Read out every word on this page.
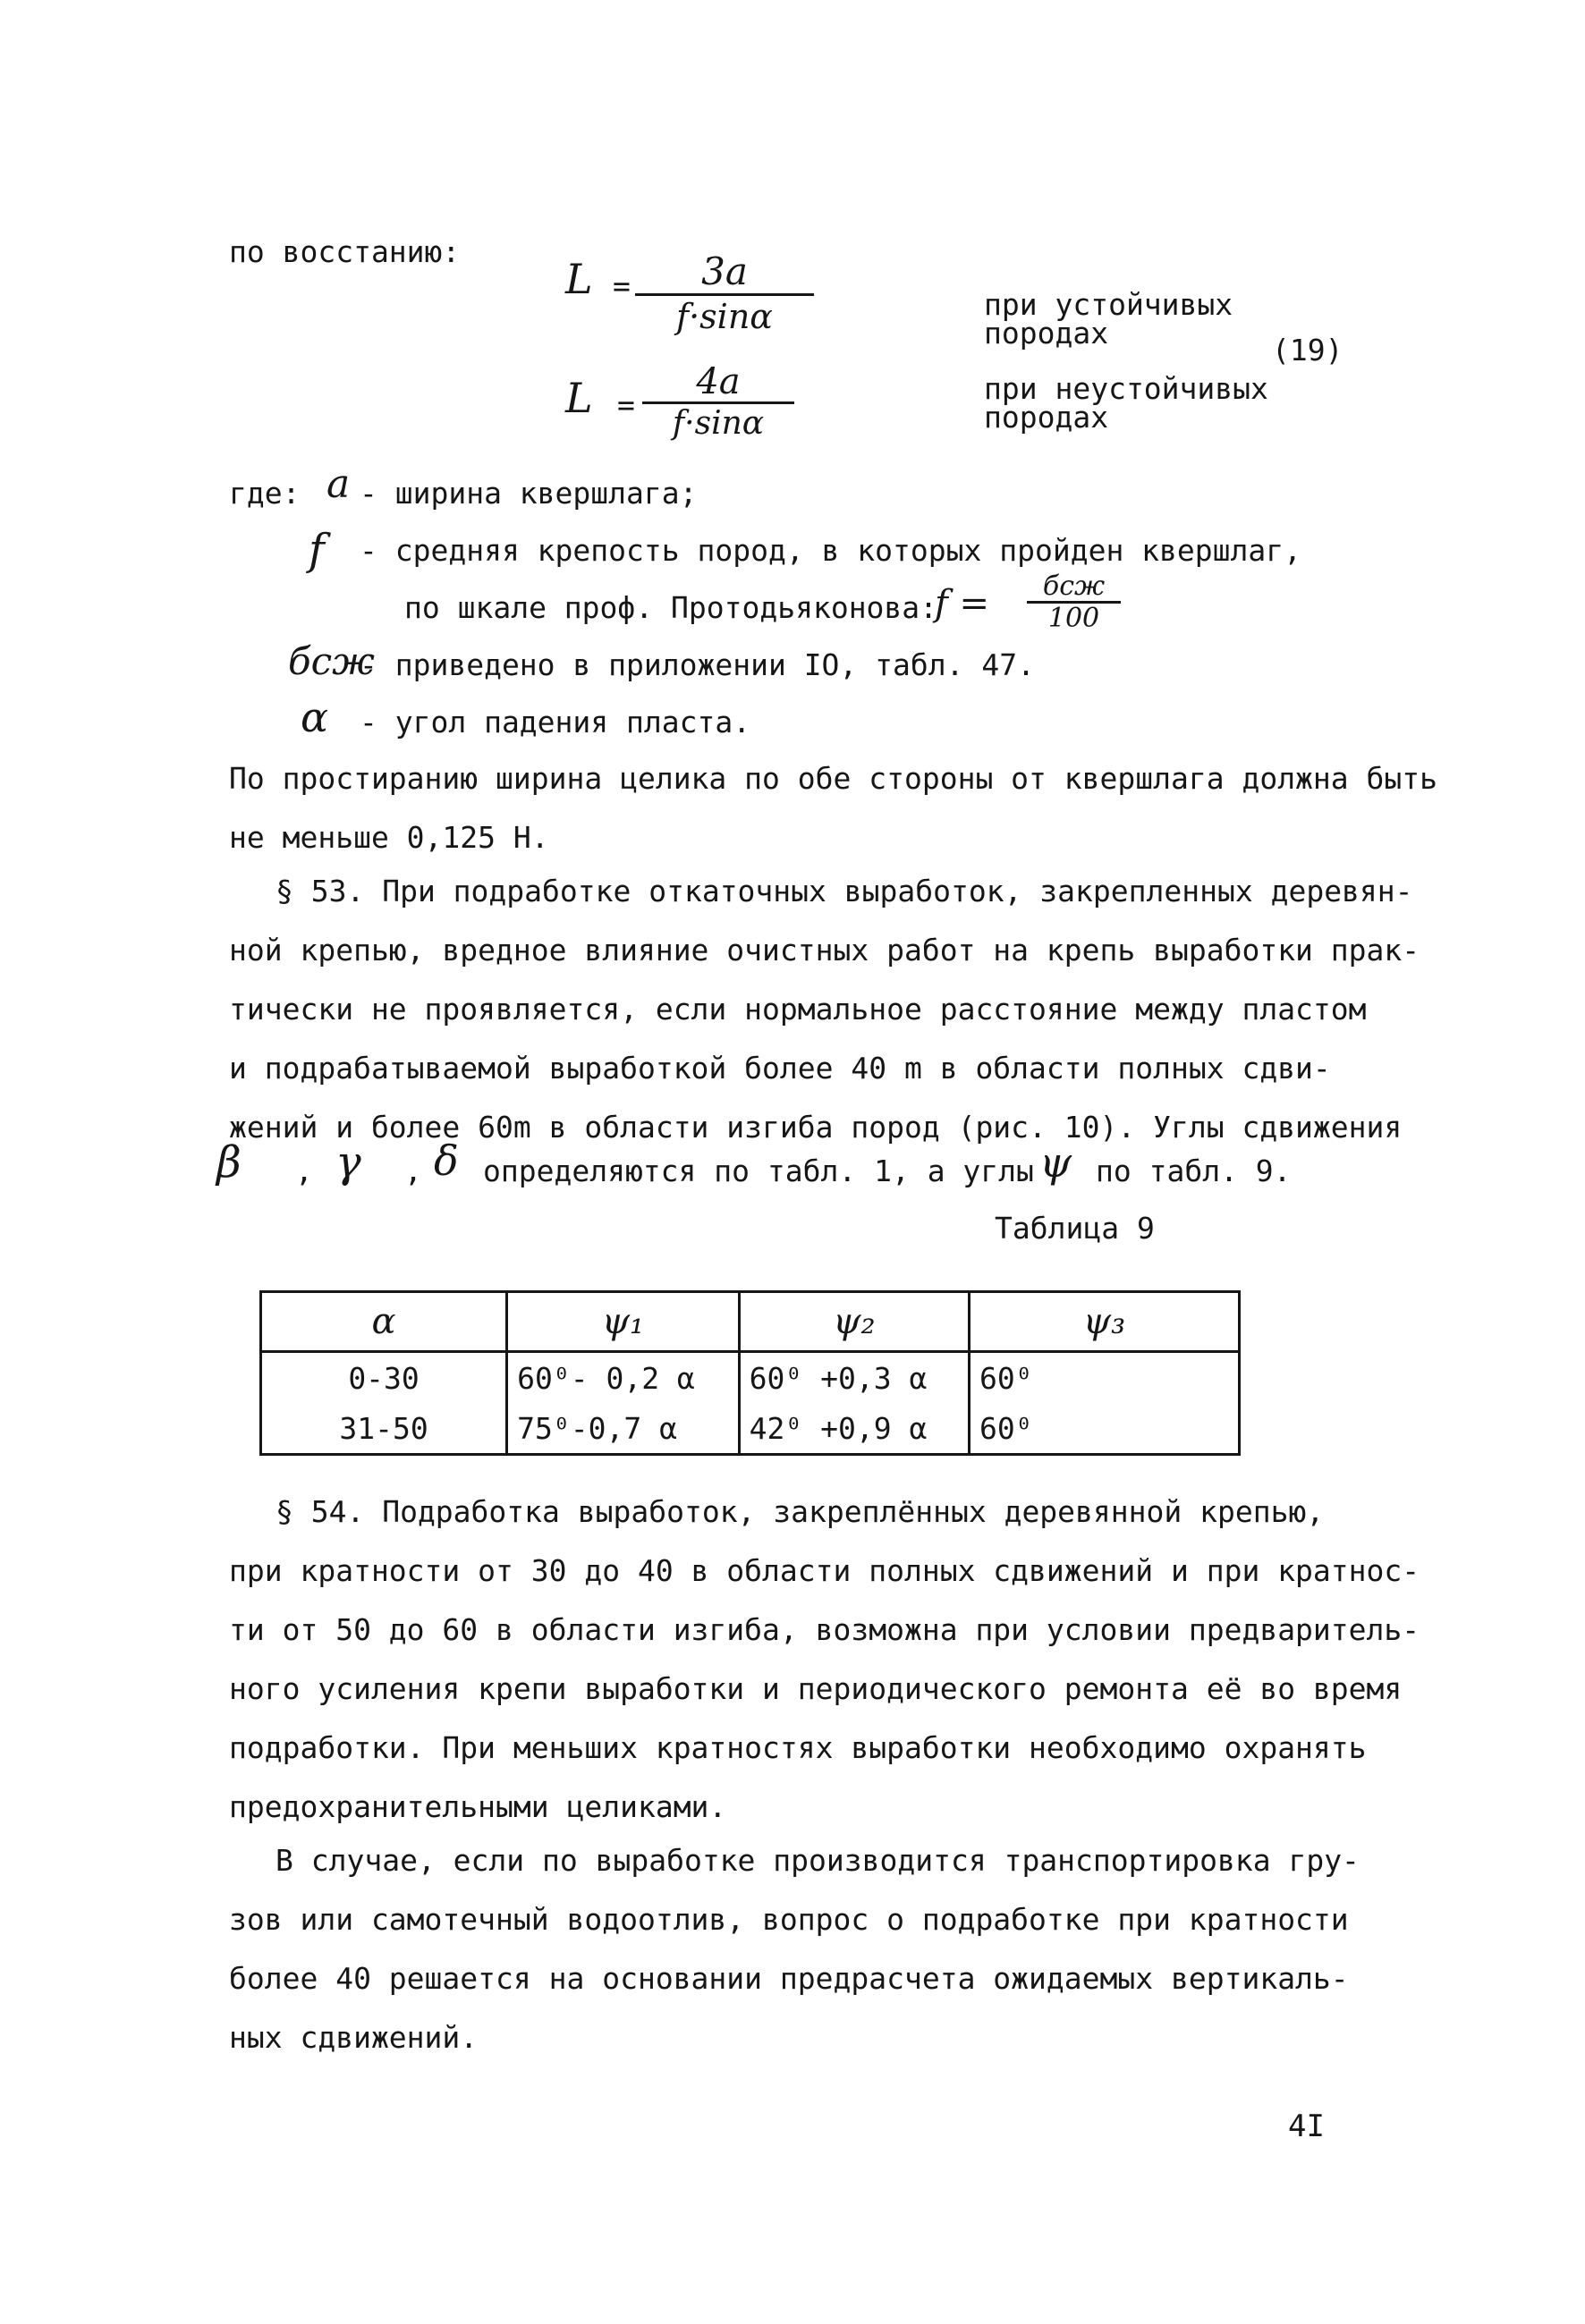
по восстанию:
L =	3a
f·sinα	при устойчивых
породах	(19)
L =
4a
f·sinα
при неустойчивых
породах
где: a - ширина квершлага;
f - средняя крепость пород, в которых пройден квершлаг,
по шкале проф. Протодьяконова:
f =	бсж
100
бсж
- приведено в приложении IO, табл. 47.
α - угол падения пласта.
По простиранию ширина целика по обе стороны от квершлага должна быть
не меньше 0,125 Н.
§ 53. При подработке откаточных выработок, закрепленных деревян-
ной крепью, вредное влияние очистных работ на крепь выработки прак-
тически не проявляется, если нормальное расстояние между пластом
и подрабатываемой выработкой более 40 m в области полных сдви-
жений и более 60m в области изгиба пород (рис. 10). Углы сдвижения
β , γ , δ определяются по табл. 1, а углы ψ по табл. 9.
Таблица 9
α	ψ₁	ψ₂	ψ₃
0-30	60⁰- 0,2 α	60⁰ +0,3 α	60⁰
31-50	75⁰-0,7 α	42⁰ +0,9 α	60⁰
§ 54. Подработка выработок, закреплённых деревянной крепью,
при кратности от 30 до 40 в области полных сдвижений и при кратнос-
ти от 50 до 60 в области изгиба, возможна при условии предваритель-
ного усиления крепи выработки и периодического ремонта её во время
подработки. При меньших кратностях выработки необходимо охранять
предохранительными целиками.
В случае, если по выработке производится транспортировка гру-
зов или самотечный водоотлив, вопрос о подработке при кратности
более 40 решается на основании предрасчета ожидаемых вертикаль-
ных сдвижений.
4I
